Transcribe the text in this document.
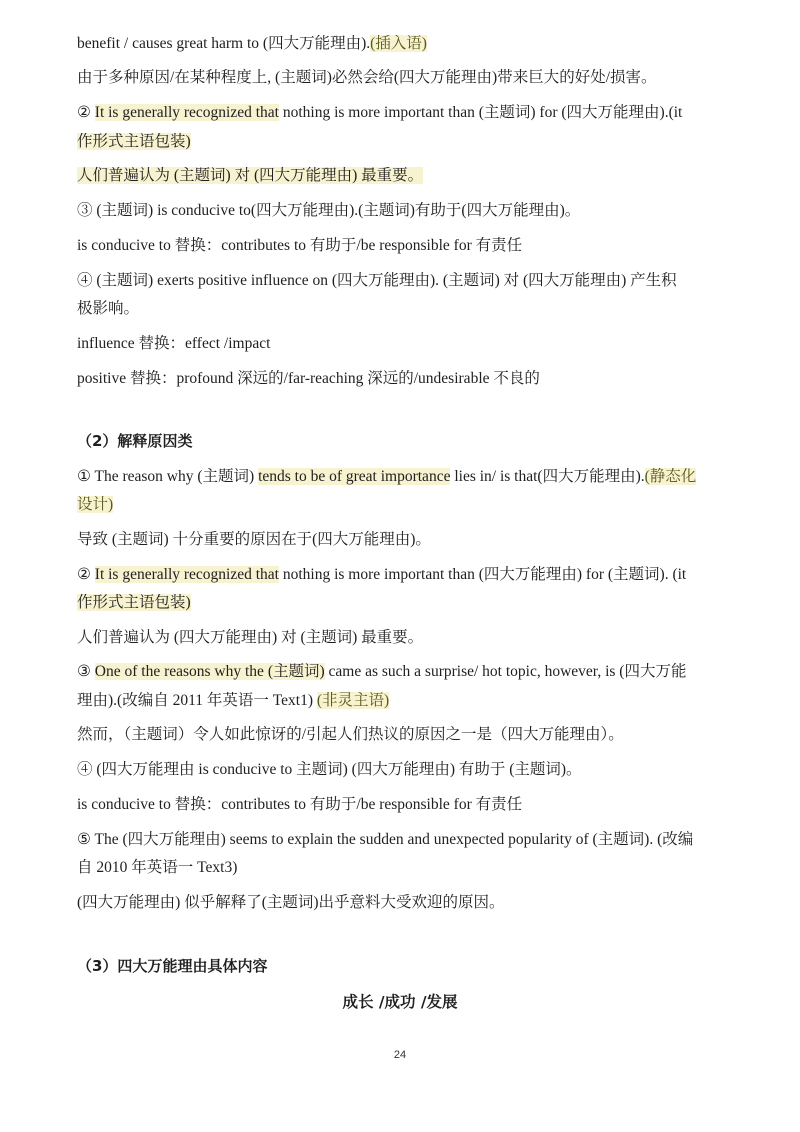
benefit / causes great harm to (四大万能理由).(插入语)
由于多种原因/在某种程度上, (主题词)必然会给(四大万能理由)带来巨大的好处/损害。
② It is generally recognized that nothing is more important than (主题词) for (四大万能理由).(it
作形式主语包装)
人们普遍认为 (主题词) 对 (四大万能理由) 最重要。
③ (主题词) is conducive to(四大万能理由).(主题词)有助于(四大万能理由)。
is conducive to 替换：contributes to 有助于/be responsible for 有责任
④ (主题词) exerts positive influence on (四大万能理由). (主题词) 对 (四大万能理由) 产生积
极影响。
influence 替换：effect /impact
positive 替换：profound 深远的/far-reaching 深远的/undesirable 不良的
（2）解释原因类
① The reason why (主题词) tends to be of great importance lies in/ is that(四大万能理由).(静态化
设计)
导致 (主题词) 十分重要的原因在于(四大万能理由)。
② It is generally recognized that nothing is more important than (四大万能理由) for (主题词). (it
作形式主语包装)
人们普遍认为 (四大万能理由) 对 (主题词) 最重要。
③ One of the reasons why the (主题词) came as such a surprise/ hot topic, however, is (四大万能
理由).(改编自 2011 年英语一 Text1) (非灵主语)
然而，（主题词）令人如此惊讶的/引起人们热议的原因之一是（四大万能理由）。
④ (四大万能理由 is conducive to 主题词) (四大万能理由) 有助于 (主题词)。
is conducive to 替换：contributes to 有助于/be responsible for 有责任
⑤ The (四大万能理由) seems to explain the sudden and unexpected popularity of (主题词). (改编
自 2010 年英语一 Text3)
(四大万能理由) 似乎解释了(主题词)出乎意料大受欢迎的原因。
（3）四大万能理由具体内容
成长 /成功 /发展
24
